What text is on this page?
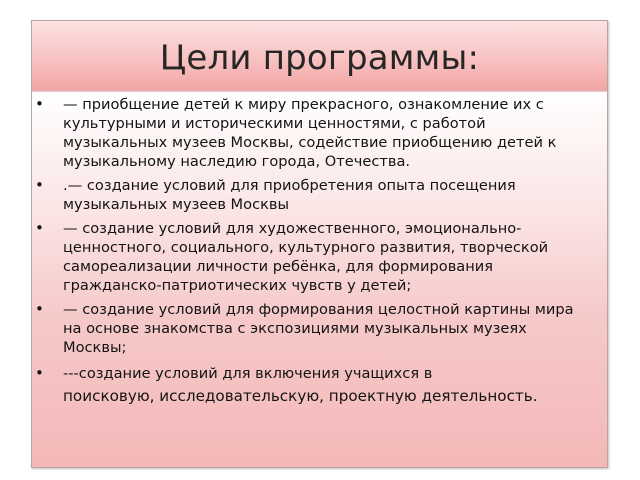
Цели программы:
• — приобщение детей к миру прекрасного, ознакомление их с культурными и историческими ценностями, с работой музыкальных музеев Москвы, содействие приобщению детей к музыкальному наследию города, Отечества.
• .— создание условий для приобретения опыта посещения музыкальных музеев Москвы
• — создание условий для художественного, эмоционально-ценностного, социального, культурного развития, творческой самореализации личности ребёнка, для формирования гражданско-патриотических чувств у детей;
• — создание условий для формирования целостной картины мира на основе знакомства с экспозициями музыкальных музеях Москвы;
• ---создание условий для включения учащихся в
поисковую, исследовательскую, проектную деятельность.
